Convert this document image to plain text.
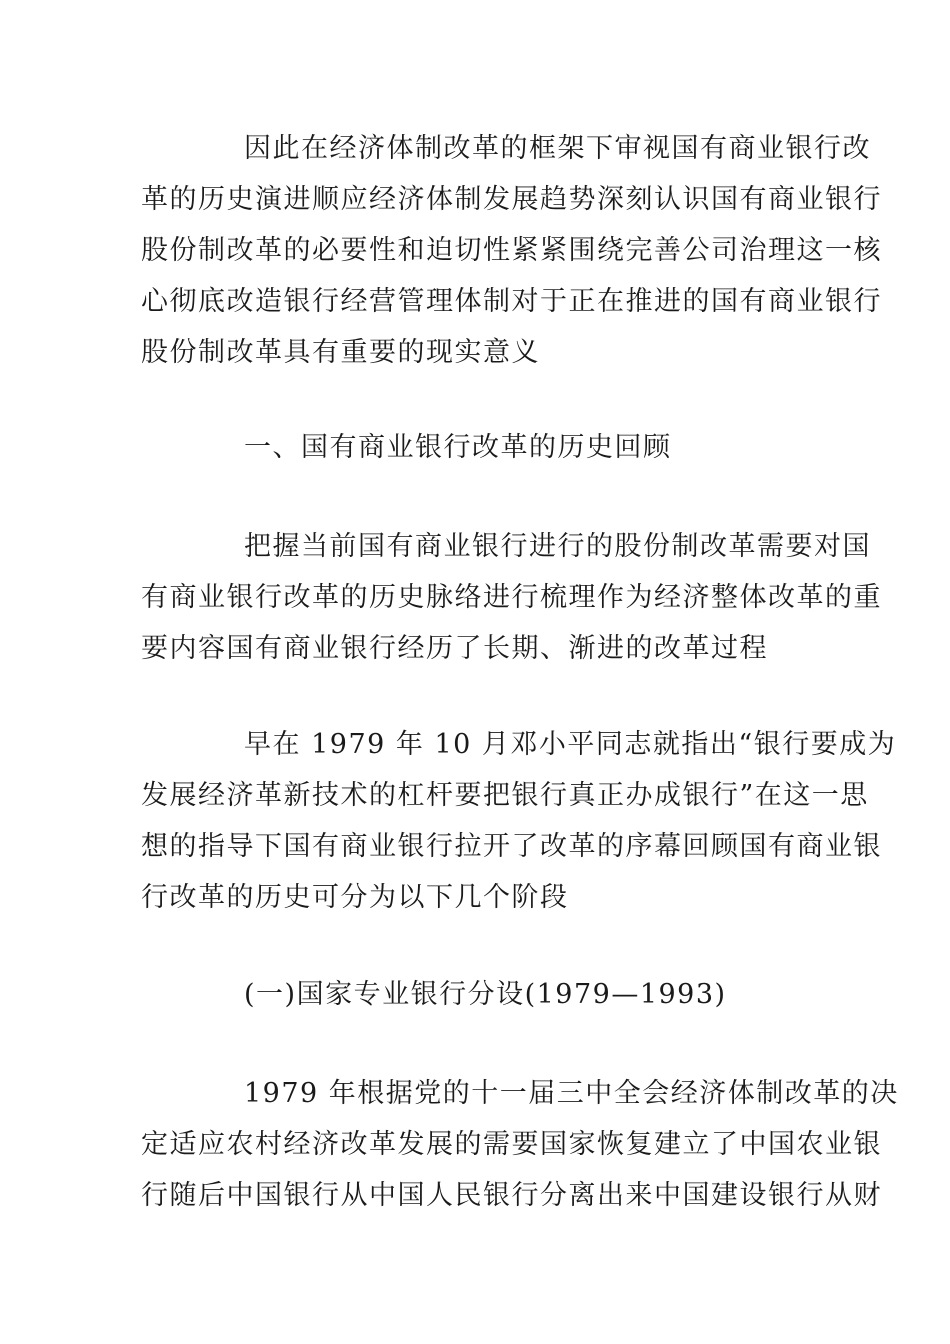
因此在经济体制改革的框架下审视国有商业银行改
革的历史演进顺应经济体制发展趋势深刻认识国有商业银行
股份制改革的必要性和迫切性紧紧围绕完善公司治理这一核
心彻底改造银行经营管理体制对于正在推进的国有商业银行
股份制改革具有重要的现实意义
一、国有商业银行改革的历史回顾
把握当前国有商业银行进行的股份制改革需要对国
有商业银行改革的历史脉络进行梳理作为经济整体改革的重
要内容国有商业银行经历了长期、渐进的改革过程
早在 1979 年 10 月邓小平同志就指出“银行要成为
发展经济革新技术的杠杆要把银行真正办成银行”在这一思
想的指导下国有商业银行拉开了改革的序幕回顾国有商业银
行改革的历史可分为以下几个阶段
(一)国家专业银行分设(1979—1993)
1979 年根据党的十一届三中全会经济体制改革的决
定适应农村经济改革发展的需要国家恢复建立了中国农业银
行随后中国银行从中国人民银行分离出来中国建设银行从财
